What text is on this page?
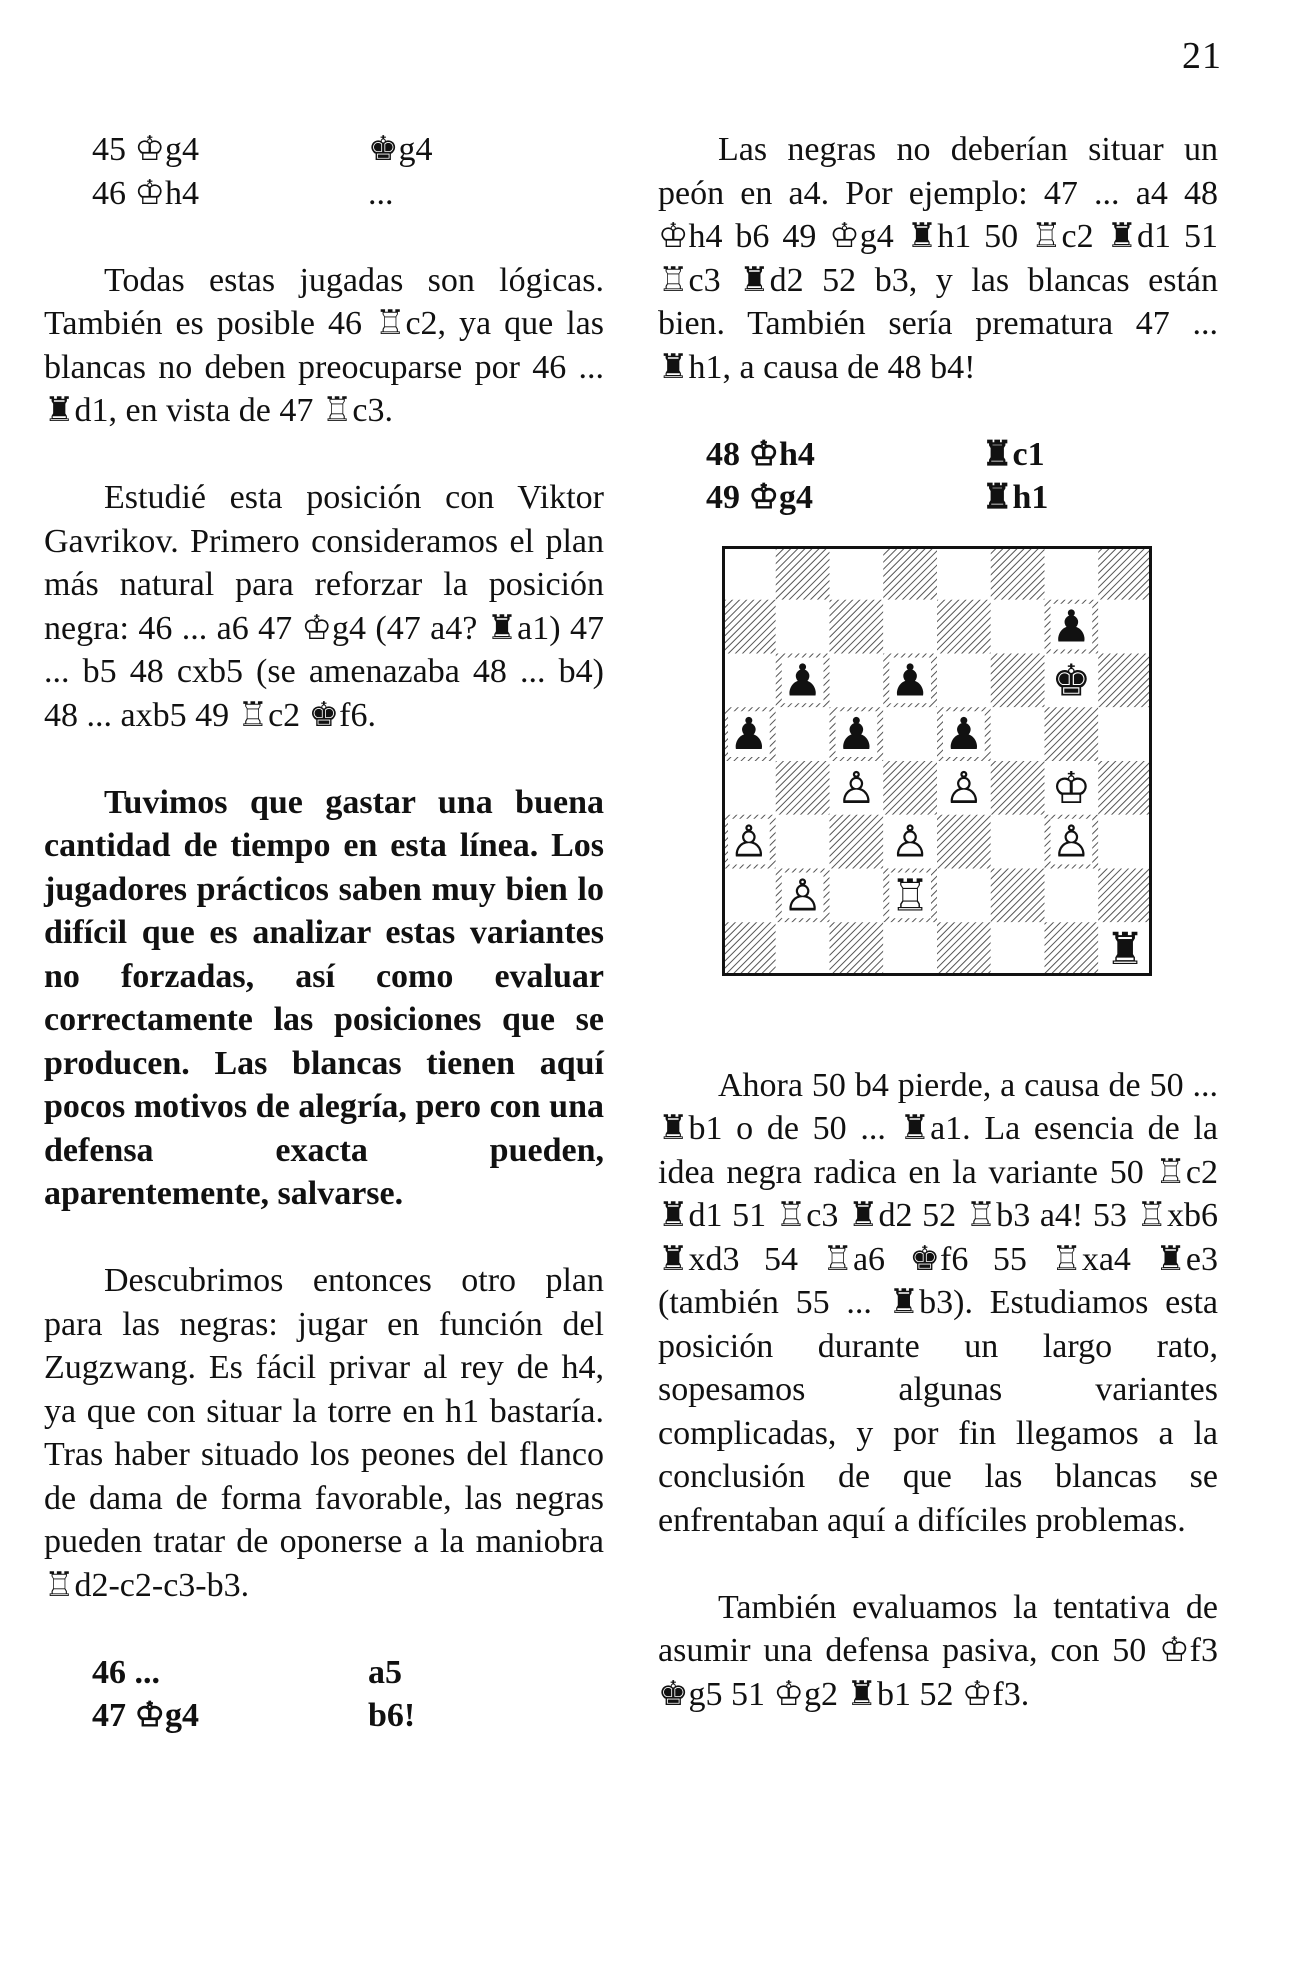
21
45 ♔g4	♚g4
46 ♔h4	...

Todas estas jugadas son lógicas. También es posible 46 ♖c2, ya que las blancas no deben preocuparse por 46 ... ♜d1, en vista de 47 ♖c3.

Estudié esta posición con Viktor Gavrikov. Primero consideramos el plan más natural para reforzar la posición negra: 46 ... a6 47 ♔g4 (47 a4? ♜a1) 47 ... b5 48 cxb5 (se amenazaba 48 ... b4) 48 ... axb5 49 ♖c2 ♚f6.

Tuvimos que gastar una buena cantidad de tiempo en esta línea. Los jugadores prácticos saben muy bien lo difícil que es analizar estas variantes no forzadas, así como evaluar correctamente las posiciones que se producen. Las blancas tienen aquí pocos motivos de alegría, pero con una defensa exacta pueden, aparentemente, salvarse.

Descubrimos entonces otro plan para las negras: jugar en función del Zugzwang. Es fácil privar al rey de h4, ya que con situar la torre en h1 bastaría. Tras haber situado los peones del flanco de dama de forma favorable, las negras pueden tratar de oponerse a la maniobra ♖d2-c2-c3-b3.

46 ...	a5
47 ♔g4	b6!

Las negras no deberían situar un peón en a4. Por ejemplo: 47 ... a4 48 ♔h4 b6 49 ♔g4 ♜h1 50 ♖c2 ♜d1 51 ♖c3 ♜d2 52 b3, y las blancas están bien. También sería prematura 47 ... ♜h1, a causa de 48 b4!

48 ♔h4	♜c1
49 ♔g4	♜h1
♟
♟ ♟	♚
♟ ♟ ♟
♙ ♙ ♔
♙	♙	♙
♙ ♖
♜

Ahora 50 b4 pierde, a causa de 50 ... ♜b1 o de 50 ... ♜a1. La esencia de la idea negra radica en la variante 50 ♖c2 ♜d1 51 ♖c3 ♜d2 52 ♖b3 a4! 53 ♖xb6 ♜xd3 54 ♖a6 ♚f6 55 ♖xa4 ♜e3 (también 55 ... ♜b3). Estudiamos esta posición durante un largo rato, sopesamos algunas variantes complicadas, y por fin llegamos a la conclusión de que las blancas se enfrentaban aquí a difíciles problemas.

También evaluamos la tentativa de asumir una defensa pasiva, con 50 ♔f3 ♚g5 51 ♔g2 ♜b1 52 ♔f3.
